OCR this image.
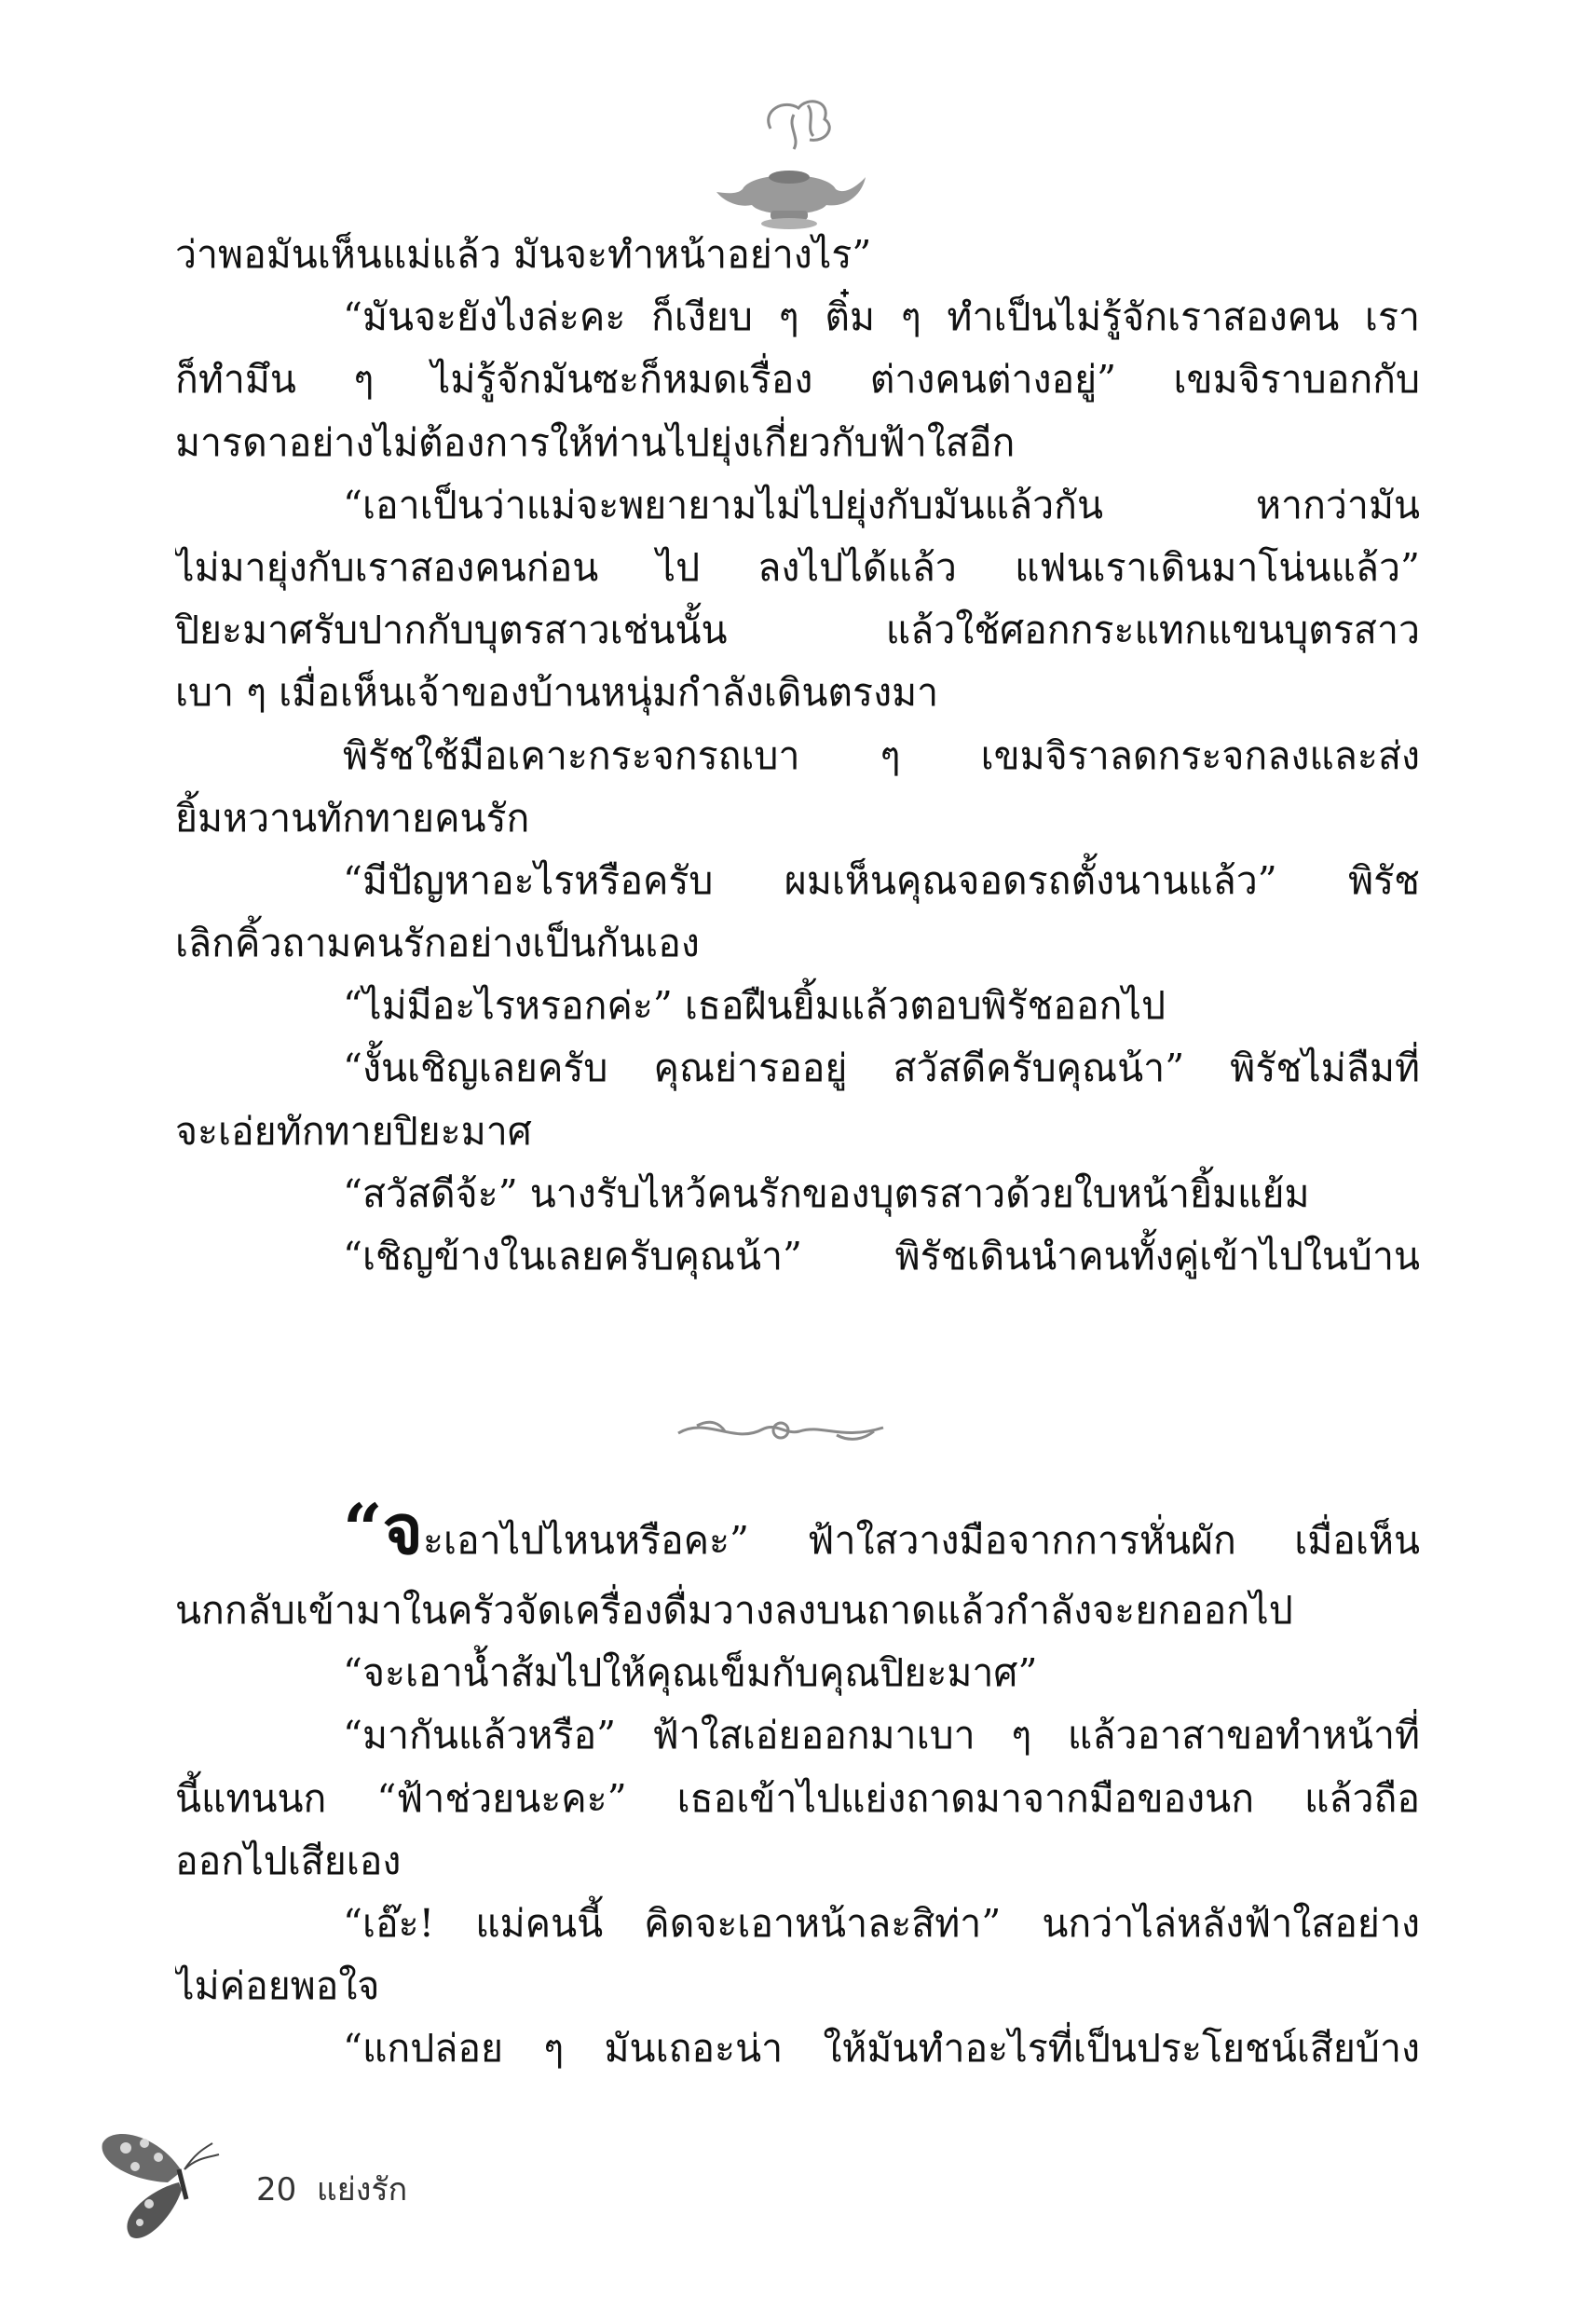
ว่าพอมันเห็นแม่แล้ว มันจะทำหน้าอย่างไร”
“มันจะยังไงล่ะคะ ก็เงียบ ๆ ติ๋ม ๆ ทำเป็นไม่รู้จักเราสองคน เรา
ก็ทำมึน ๆ ไม่รู้จักมันซะก็หมดเรื่อง ต่างคนต่างอยู่” เขมจิราบอกกับ
มารดาอย่างไม่ต้องการให้ท่านไปยุ่งเกี่ยวกับฟ้าใสอีก
“เอาเป็นว่าแม่จะพยายามไม่ไปยุ่งกับมันแล้วกัน หากว่ามัน
ไม่มายุ่งกับเราสองคนก่อน ไป ลงไปได้แล้ว แฟนเราเดินมาโน่นแล้ว”
ปิยะมาศรับปากกับบุตรสาวเช่นนั้น แล้วใช้ศอกกระแทกแขนบุตรสาว
เบา ๆ เมื่อเห็นเจ้าของบ้านหนุ่มกำลังเดินตรงมา
พิรัชใช้มือเคาะกระจกรถเบา ๆ เขมจิราลดกระจกลงและส่ง
ยิ้มหวานทักทายคนรัก
“มีปัญหาอะไรหรือครับ ผมเห็นคุณจอดรถตั้งนานแล้ว” พิรัช
เลิกคิ้วถามคนรักอย่างเป็นกันเอง
“ไม่มีอะไรหรอกค่ะ” เธอฝืนยิ้มแล้วตอบพิรัชออกไป
“งั้นเชิญเลยครับ คุณย่ารออยู่ สวัสดีครับคุณน้า” พิรัชไม่ลืมที่
จะเอ่ยทักทายปิยะมาศ
“สวัสดีจ้ะ” นางรับไหว้คนรักของบุตรสาวด้วยใบหน้ายิ้มแย้ม
“เชิญข้างในเลยครับคุณน้า” พิรัชเดินนำคนทั้งคู่เข้าไปในบ้าน
“จะเอาไปไหนหรือคะ” ฟ้าใสวางมือจากการหั่นผัก เมื่อเห็น
นกกลับเข้ามาในครัวจัดเครื่องดื่มวางลงบนถาดแล้วกำลังจะยกออกไป
“จะเอาน้ำส้มไปให้คุณเข็มกับคุณปิยะมาศ”
“มากันแล้วหรือ” ฟ้าใสเอ่ยออกมาเบา ๆ แล้วอาสาขอทำหน้าที่
นี้แทนนก “ฟ้าช่วยนะคะ” เธอเข้าไปแย่งถาดมาจากมือของนก แล้วถือ
ออกไปเสียเอง
“เอ๊ะ! แม่คนนี้ คิดจะเอาหน้าละสิท่า” นกว่าไล่หลังฟ้าใสอย่าง
ไม่ค่อยพอใจ
“แกปล่อย ๆ มันเถอะน่า ให้มันทำอะไรที่เป็นประโยชน์เสียบ้าง
20 แย่งรัก
